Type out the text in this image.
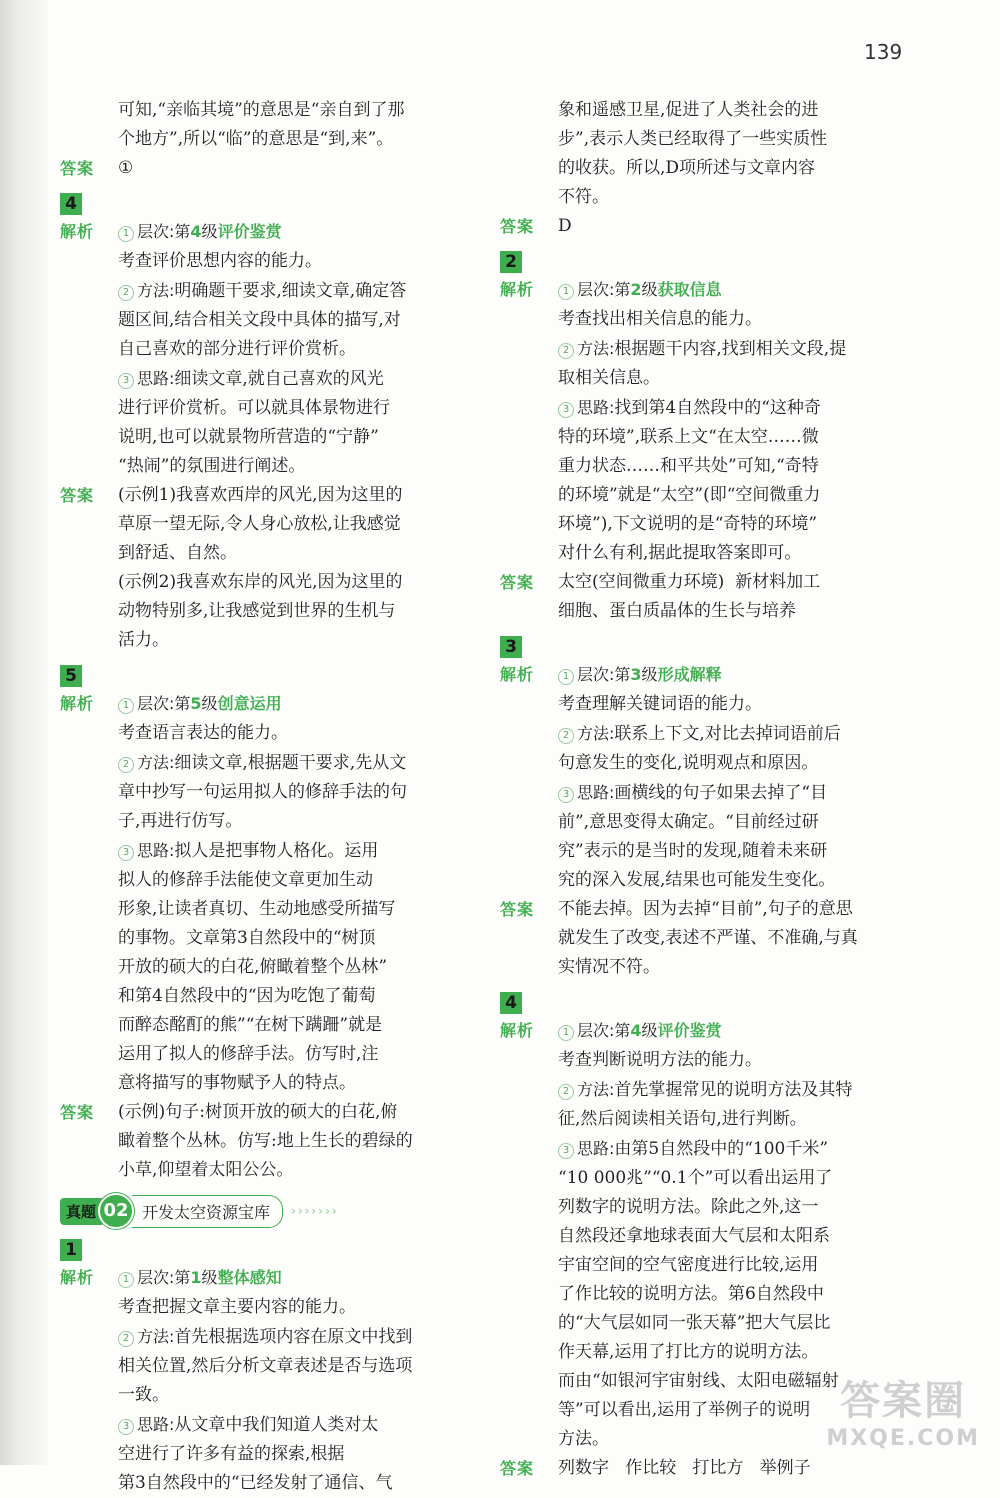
139

可知,“亲临其境”的意思是“亲自到了那

个地方”,所以“临”的意思是“到,来”。

答案	①
4
解析	1 层次:第4级评价鉴赏

考查评价思想内容的能力。

2 方法:明确题干要求,细读文章,确定答

题区间,结合相关文段中具体的描写,对

自己喜欢的部分进行评价赏析。

3 思路:细读文章,就自己喜欢的风光

进行评价赏析。可以就具体景物进行

说明,也可以就景物所营造的“宁静”

“热闹”的氛围进行阐述。

答案	(示例1)我喜欢西岸的风光,因为这里的

草原一望无际,令人身心放松,让我感觉

到舒适、自然。

(示例2)我喜欢东岸的风光,因为这里的

动物特别多,让我感觉到世界的生机与

活力。

5
解析	1 层次:第5级创意运用

考查语言表达的能力。

2 方法:细读文章,根据题干要求,先从文

章中抄写一句运用拟人的修辞手法的句

子,再进行仿写。

3 思路:拟人是把事物人格化。运用

拟人的修辞手法能使文章更加生动

形象,让读者真切、生动地感受所描写

的事物。文章第3自然段中的“树顶

开放的硕大的白花,俯瞰着整个丛林”

和第4自然段中的“因为吃饱了葡萄

而醉态酩酊的熊”“在树下蹒跚”就是

运用了拟人的修辞手法。仿写时,注

意将描写的事物赋予人的特点。

答案	(示例)句子:树顶开放的硕大的白花,俯

瞰着整个丛林。仿写:地上生长的碧绿的

小草,仰望着太阳公公。

真题 02 开发太空资源宝库	›››››››
1
解析	1 层次:第1级整体感知

考查把握文章主要内容的能力。

2 方法:首先根据选项内容在原文中找到

相关位置,然后分析文章表述是否与选项

一致。

3 思路:从文章中我们知道人类对太

空进行了许多有益的探索,根据

第3自然段中的“已经发射了通信、气

象和遥感卫星,促进了人类社会的进

步”,表示人类已经取得了一些实质性

的收获。所以,D项所述与文章内容

不符。

答案	D
2
解析	1 层次:第2级获取信息

考查找出相关信息的能力。

2 方法:根据题干内容,找到相关文段,提

取相关信息。

3 思路:找到第4自然段中的“这种奇

特的环境”,联系上文“在太空……微

重力状态……和平共处”可知,“奇特

的环境”就是“太空”(即“空间微重力

环境”),下文说明的是“奇特的环境”

对什么有利,据此提取答案即可。

答案	太空(空间微重力环境)  新材料加工

细胞、蛋白质晶体的生长与培养

3
解析	1 层次:第3级形成解释

考查理解关键词语的能力。

2 方法:联系上下文,对比去掉词语前后

句意发生的变化,说明观点和原因。

3 思路:画横线的句子如果去掉了“目

前”,意思变得太确定。“目前经过研

究”表示的是当时的发现,随着未来研

究的深入发展,结果也可能发生变化。

答案	不能去掉。因为去掉“目前”,句子的意思

就发生了改变,表述不严谨、不准确,与真

实情况不符。

4
解析	1 层次:第4级评价鉴赏

考查判断说明方法的能力。

2 方法:首先掌握常见的说明方法及其特

征,然后阅读相关语句,进行判断。

3 思路:由第5自然段中的“100千米”

“10 000兆”“0.1个”可以看出运用了

列数字的说明方法。除此之外,这一

自然段还拿地球表面大气层和太阳系

宇宙空间的空气密度进行比较,运用

了作比较的说明方法。第6自然段中

的“大气层如同一张天幕”把大气层比

作天幕,运用了打比方的说明方法。

而由“如银河宇宙射线、太阳电磁辐射

等”可以看出,运用了举例子的说明

方法。

答案	列数字   作比较   打比方   举例子

答案圈
MXQE.COM
